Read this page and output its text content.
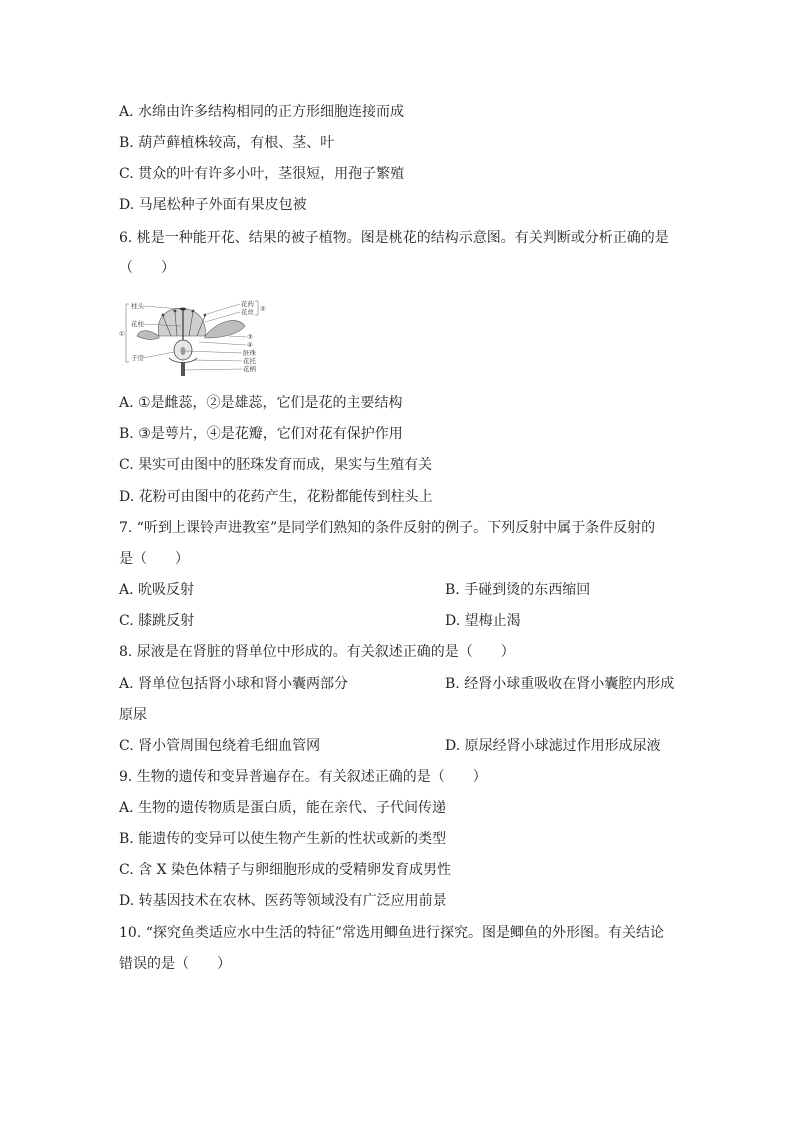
A. 水绵由许多结构相同的正方形细胞连接而成
B. 葫芦藓植株较高，有根、茎、叶
C. 贯众的叶有许多小叶，茎很短，用孢子繁殖
D. 马尾松种子外面有果皮包被
6. 桃是一种能开花、结果的被子植物。图是桃花的结构示意图。有关判断或分析正确的是
（　　）
柱头
花柱
子房
①
花药
花丝 ②
③
④
胚珠
花托
花柄
A. ①是雌蕊，②是雄蕊，它们是花的主要结构
B. ③是萼片，④是花瓣，它们对花有保护作用
C. 果实可由图中的胚珠发育而成，果实与生殖有关
D. 花粉可由图中的花药产生，花粉都能传到柱头上
7. “听到上课铃声进教室”是同学们熟知的条件反射的例子。下列反射中属于条件反射的
是（　　）
A. 吮吸反射	B. 手碰到烫的东西缩回
C. 膝跳反射	D. 望梅止渴
8. 尿液是在肾脏的肾单位中形成的。有关叙述正确的是（　　）
A. 肾单位包括肾小球和肾小囊两部分	B. 经肾小球重吸收在肾小囊腔内形成
原尿
C. 肾小管周围包绕着毛细血管网	D. 原尿经肾小球滤过作用形成尿液
9. 生物的遗传和变异普遍存在。有关叙述正确的是（　　）
A. 生物的遗传物质是蛋白质，能在亲代、子代间传递
B. 能遗传的变异可以使生物产生新的性状或新的类型
C. 含 X 染色体精子与卵细胞形成的受精卵发育成男性
D. 转基因技术在农林、医药等领域没有广泛应用前景
10. “探究鱼类适应水中生活的特征”常选用鲫鱼进行探究。图是鲫鱼的外形图。有关结论
错误的是（　　）
